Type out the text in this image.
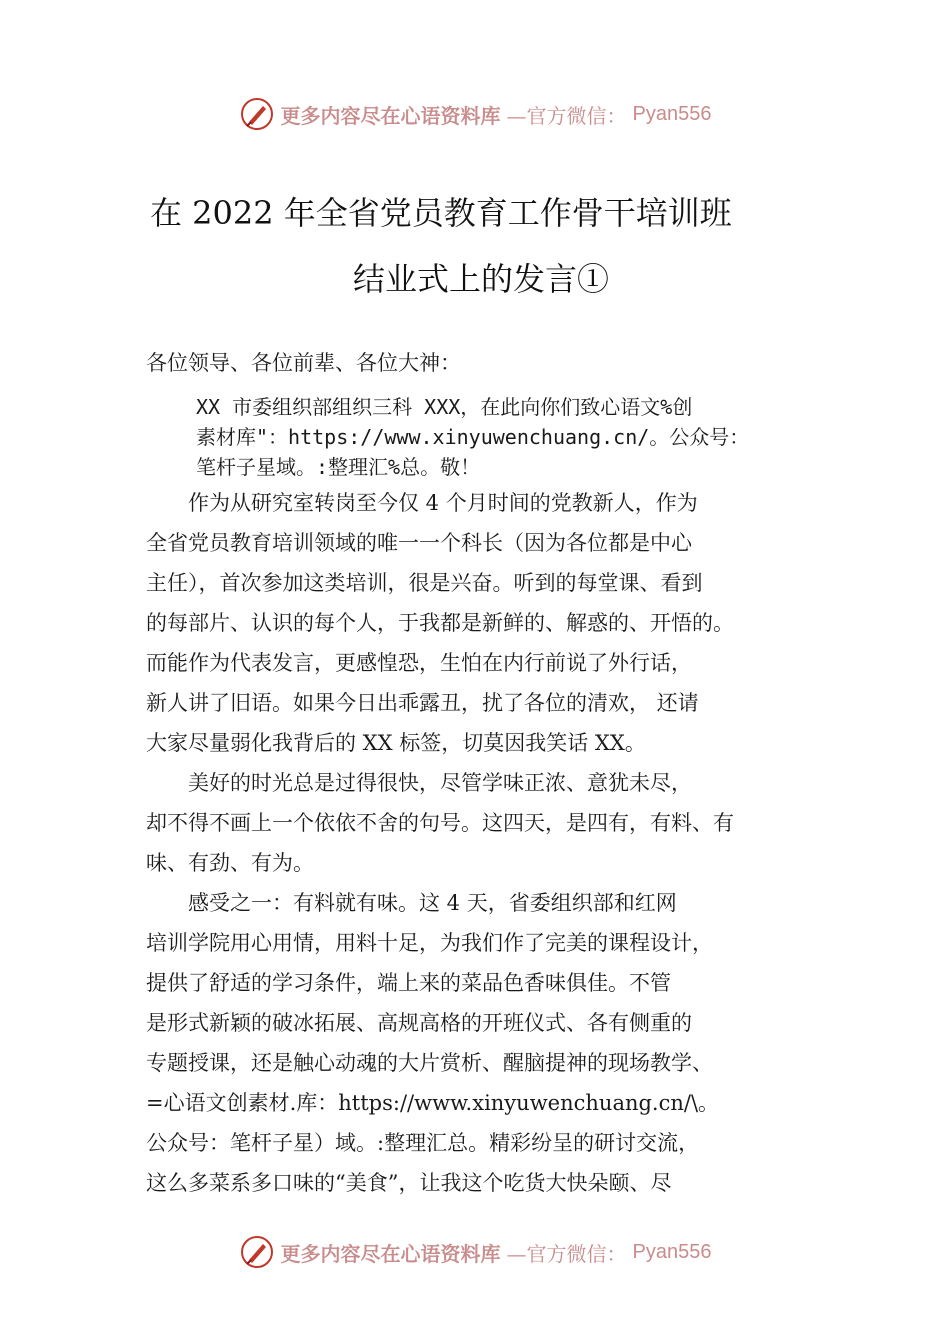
更多内容尽在心语资料库 —官方微信： Pyan556
在 2022 年全省党员教育工作骨干培训班
结业式上的发言①
各位领导、各位前辈、各位大神：
XX 市委组织部组织三科 XXX，在此向你们致心语文%创
素材库"：https://www.xinyuwenchuang.cn/。公众号：
笔杆子星域。:整理汇%总。敬！
　　作为从研究室转岗至今仅 4 个月时间的党教新人，作为
全省党员教育培训领域的唯一一个科长（因为各位都是中心
主任），首次参加这类培训，很是兴奋。听到的每堂课、看到
的每部片、认识的每个人，于我都是新鲜的、解惑的、开悟的。
而能作为代表发言，更感惶恐，生怕在内行前说了外行话，
新人讲了旧语。如果今日出乖露丑，扰了各位的清欢， 还请
大家尽量弱化我背后的 XX 标签，切莫因我笑话 XX。
　　美好的时光总是过得很快，尽管学味正浓、意犹未尽，
却不得不画上一个依依不舍的句号。这四天，是四有，有料、有
味、有劲、有为。
　　感受之一：有料就有味。这 4 天，省委组织部和红网
培训学院用心用情，用料十足，为我们作了完美的课程设计，
提供了舒适的学习条件，端上来的菜品色香味俱佳。不管
是形式新颖的破冰拓展、高规高格的开班仪式、各有侧重的
专题授课，还是触心动魂的大片赏析、醒脑提神的现场教学、
=心语文创素材.库：https://www.xinyuwenchuang.cn/\。
公众号：笔杆子星）域。:整理汇总。精彩纷呈的研讨交流，
这么多菜系多口味的“美食”，让我这个吃货大快朵颐、尽
更多内容尽在心语资料库 —官方微信： Pyan556
